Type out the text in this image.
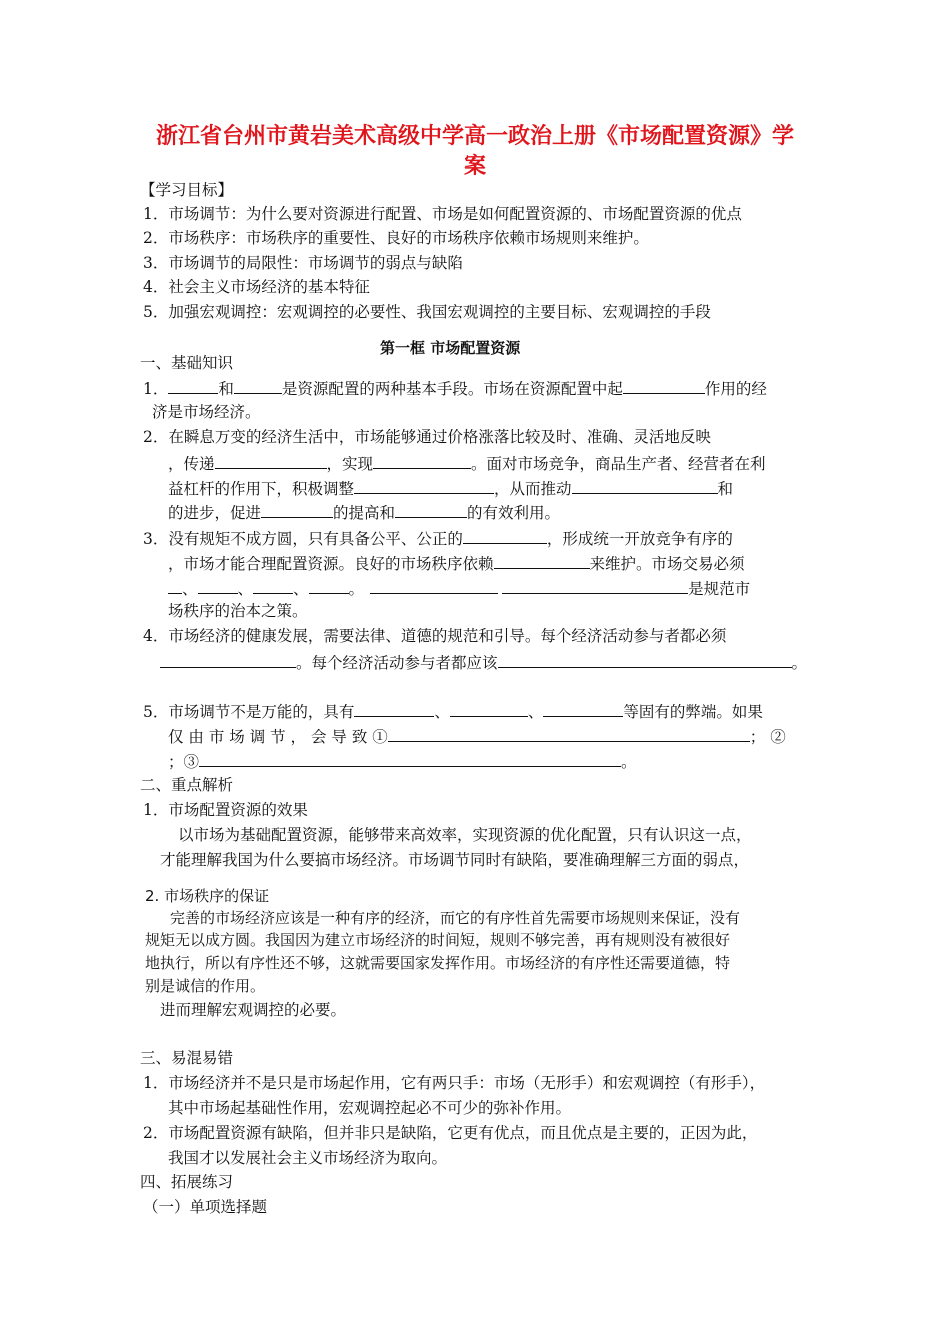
浙江省台州市黄岩美术高级中学高一政治上册《市场配置资源》学
案
【学习目标】
1．市场调节：为什么要对资源进行配置、市场是如何配置资源的、市场配置资源的优点
2．市场秩序：市场秩序的重要性、良好的市场秩序依赖市场规则来维护。
3．市场调节的局限性：市场调节的弱点与缺陷
4．社会主义市场经济的基本特征
5．加强宏观调控：宏观调控的必要性、我国宏观调控的主要目标、宏观调控的手段
第一框 市场配置资源
一、基础知识
1．	和	是资源配置的两种基本手段。市场在资源配置中起	作用的经
济是市场经济。
2．在瞬息万变的经济生活中，市场能够通过价格涨落比较及时、准确、灵活地反映
，传递	，实现	。面对市场竞争，商品生产者、经营者在利
益杠杆的作用下，积极调整	，从而推动	和
的进步，促进	的提高和	的有效利用。
3．没有规矩不成方圆，只有具备公平、公正的	，形成统一开放竞争有序的
，市场才能合理配置资源。良好的市场秩序依赖	来维护。市场交易必须
、	、	、	。	是规范市
场秩序的治本之策。
4．市场经济的健康发展，需要法律、道德的规范和引导。每个经济活动参与者都必须
。每个经济活动参与者都应该	。
5．市场调节不是万能的，具有	、	、	等固有的弊端。如果
仅 由 市 场 调 节 ， 会 导 致 ①	； ②
；③	。
二、重点解析
1．市场配置资源的效果
以市场为基础配置资源，能够带来高效率，实现资源的优化配置，只有认识这一点，
才能理解我国为什么要搞市场经济。市场调节同时有缺陷，要准确理解三方面的弱点，
2. 市场秩序的保证
完善的市场经济应该是一种有序的经济，而它的有序性首先需要市场规则来保证，没有
规矩无以成方圆。我国因为建立市场经济的时间短，规则不够完善，再有规则没有被很好
地执行，所以有序性还不够，这就需要国家发挥作用。市场经济的有序性还需要道德，特
别是诚信的作用。
进而理解宏观调控的必要。
三、易混易错
1．市场经济并不是只是市场起作用，它有两只手：市场（无形手）和宏观调控（有形手），
其中市场起基础性作用，宏观调控起必不可少的弥补作用。
2．市场配置资源有缺陷，但并非只是缺陷，它更有优点，而且优点是主要的，正因为此，
我国才以发展社会主义市场经济为取向。
四、拓展练习
（一）单项选择题
